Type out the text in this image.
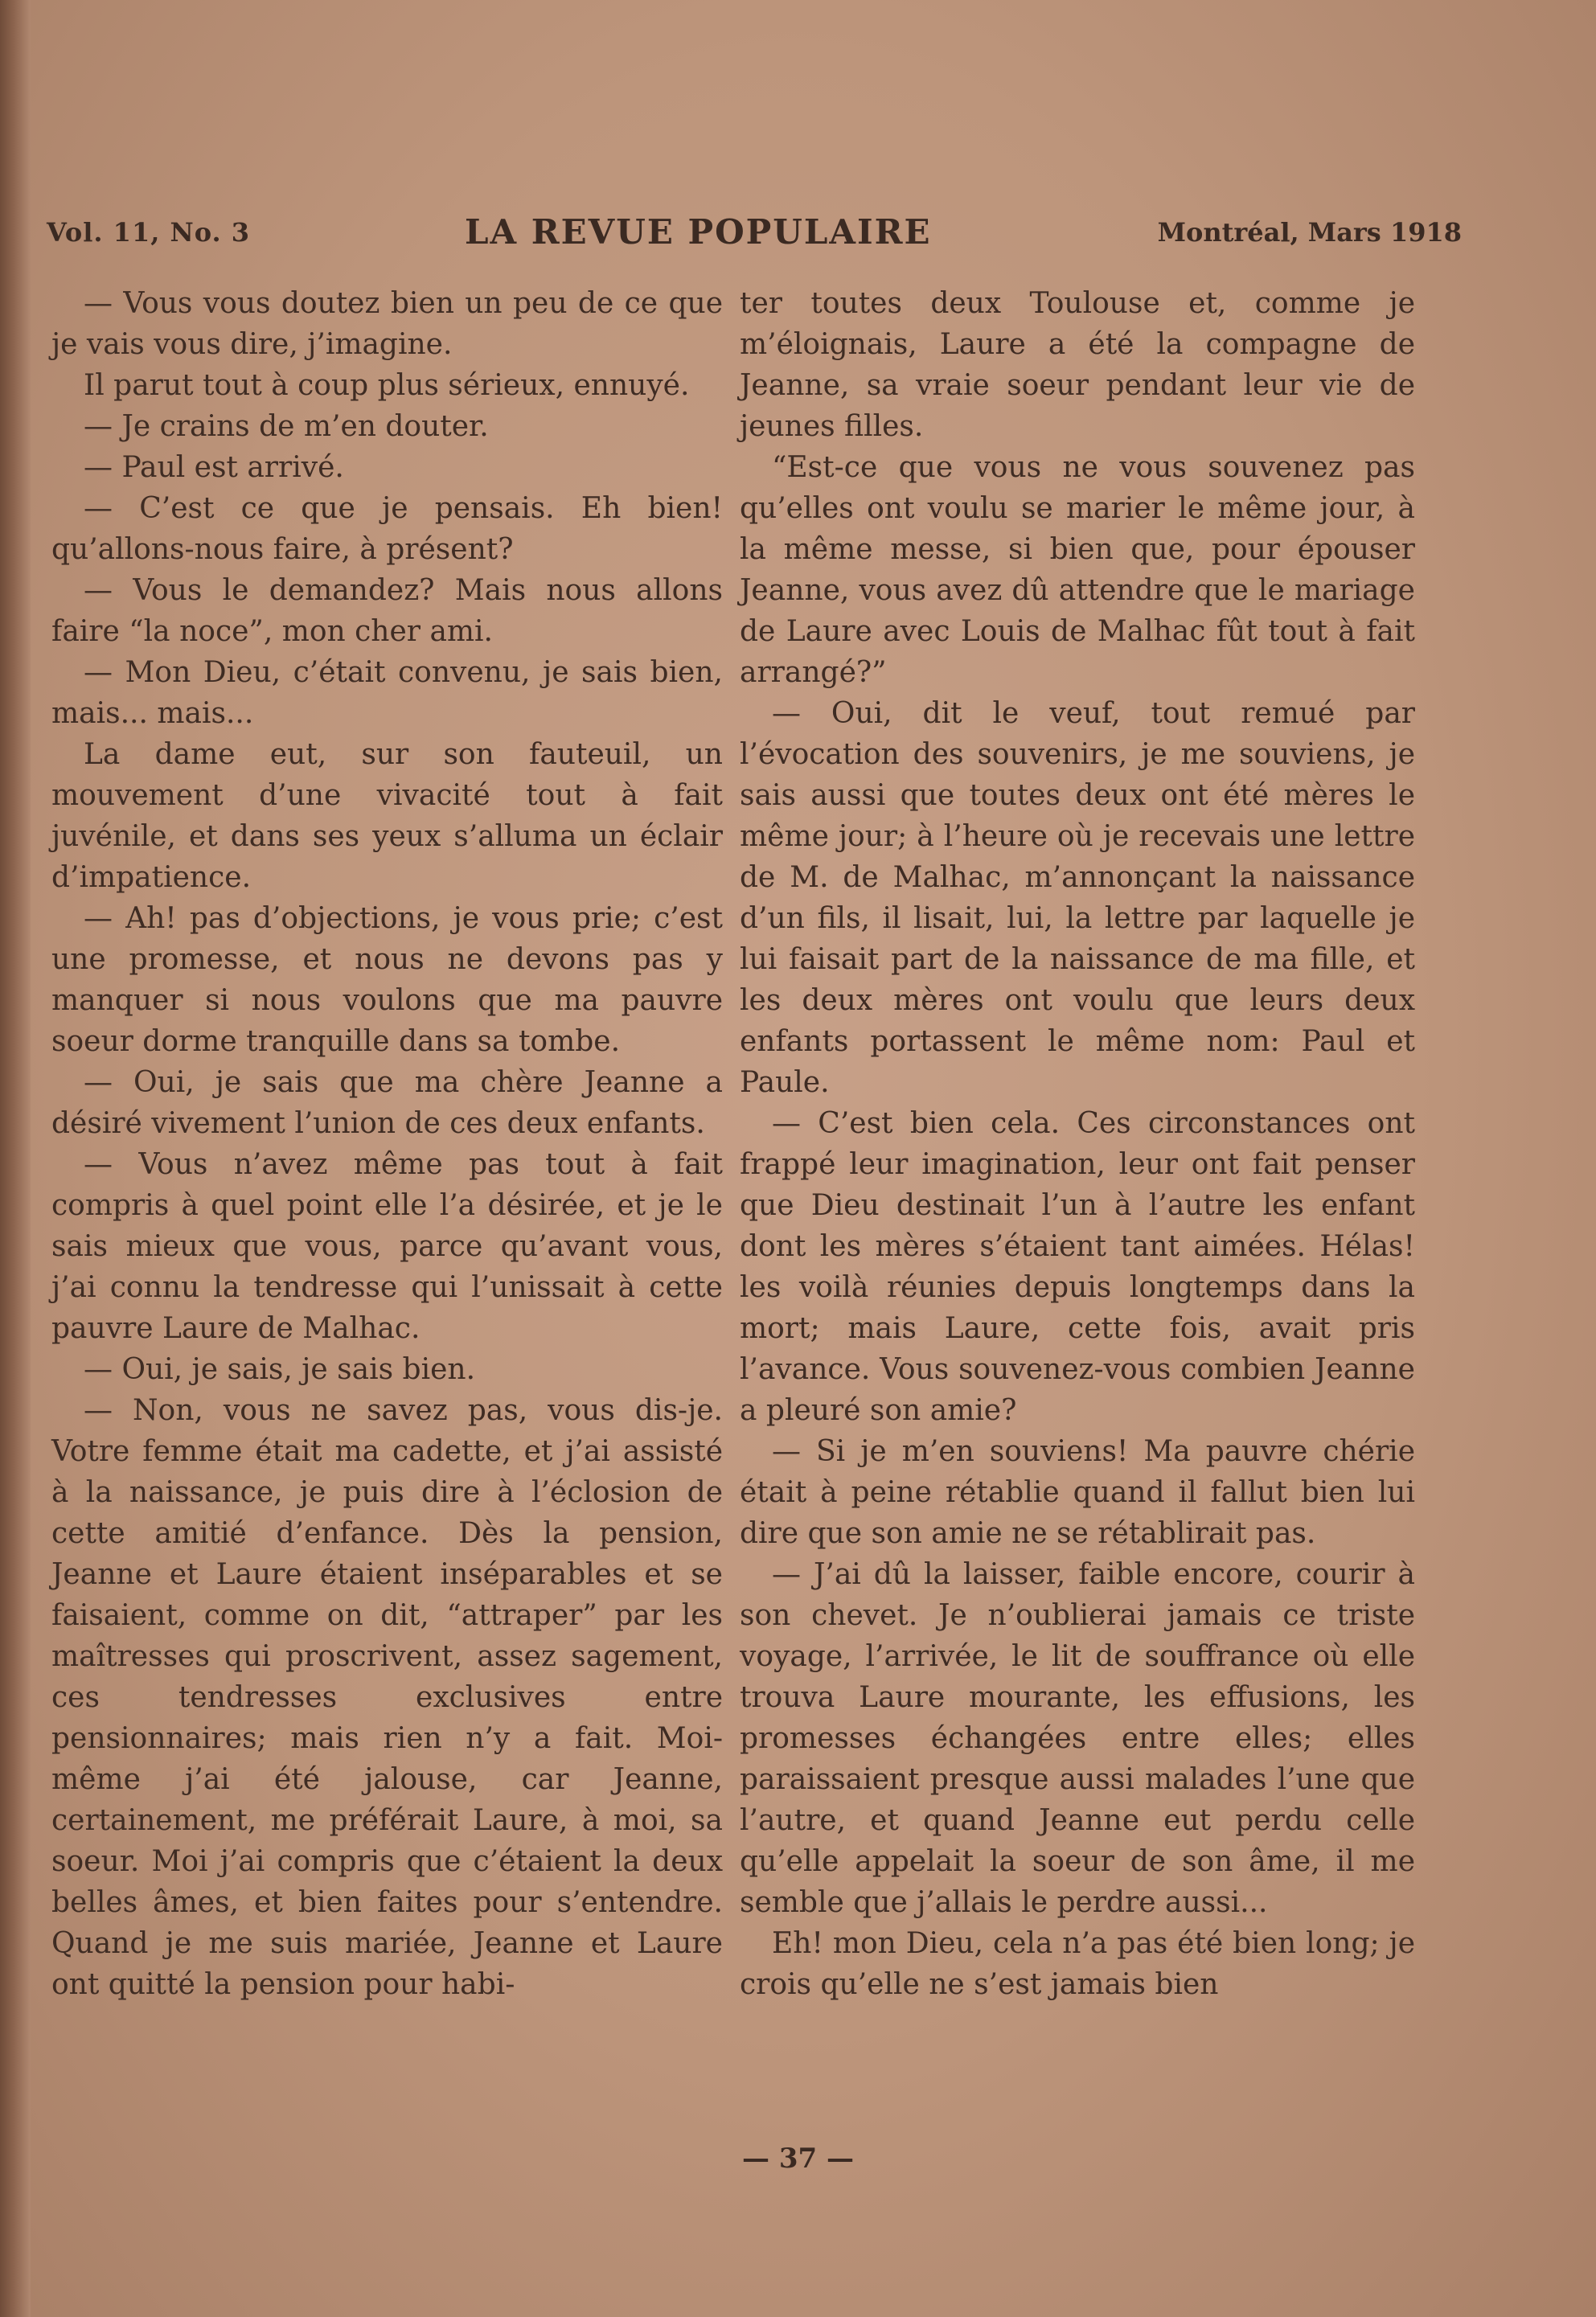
Vol. 11, No. 3	LA REVUE POPULAIRE	Montréal, Mars 1918

— Vous vous doutez bien un peu de ce que je vais vous dire, j’imagine.

Il parut tout à coup plus sérieux, ennuyé.

— Je crains de m’en douter.

— Paul est arrivé.

— C’est ce que je pensais. Eh bien! qu’allons-nous faire, à présent?

— Vous le demandez? Mais nous allons faire “la noce”, mon cher ami.

— Mon Dieu, c’était convenu, je sais bien, mais... mais...

La dame eut, sur son fauteuil, un mouvement d’une vivacité tout à fait juvénile, et dans ses yeux s’alluma un éclair d’impatience.

— Ah! pas d’objections, je vous prie; c’est une promesse, et nous ne devons pas y manquer si nous voulons que ma pauvre soeur dorme tranquille dans sa tombe.

— Oui, je sais que ma chère Jeanne a désiré vivement l’union de ces deux enfants.

— Vous n’avez même pas tout à fait compris à quel point elle l’a désirée, et je le sais mieux que vous, parce qu’avant vous, j’ai connu la tendresse qui l’unissait à cette pauvre Laure de Malhac.

— Oui, je sais, je sais bien.

— Non, vous ne savez pas, vous dis-je. Votre femme était ma cadette, et j’ai assisté à la naissance, je puis dire à l’éclosion de cette amitié d’enfance. Dès la pension, Jeanne et Laure étaient inséparables et se faisaient, comme on dit, “attraper” par les maîtresses qui proscrivent, assez sagement, ces tendresses exclusives entre pensionnaires; mais rien n’y a fait. Moi-même j’ai été jalouse, car Jeanne, certainement, me préférait Laure, à moi, sa soeur. Moi j’ai compris que c’étaient la deux belles âmes, et bien faites pour s’entendre. Quand je me suis mariée, Jeanne et Laure ont quitté la pension pour habi-

ter toutes deux Toulouse et, comme je m’éloignais, Laure a été la compagne de Jeanne, sa vraie soeur pendant leur vie de jeunes filles.

“Est-ce que vous ne vous souvenez pas qu’elles ont voulu se marier le même jour, à la même messe, si bien que, pour épouser Jeanne, vous avez dû attendre que le mariage de Laure avec Louis de Malhac fût tout à fait arrangé?”

— Oui, dit le veuf, tout remué par l’évocation des souvenirs, je me souviens, je sais aussi que toutes deux ont été mères le même jour; à l’heure où je recevais une lettre de M. de Malhac, m’annonçant la naissance d’un fils, il lisait, lui, la lettre par laquelle je lui faisait part de la naissance de ma fille, et les deux mères ont voulu que leurs deux enfants portassent le même nom: Paul et Paule.

— C’est bien cela. Ces circonstances ont frappé leur imagination, leur ont fait penser que Dieu destinait l’un à l’autre les enfant dont les mères s’étaient tant aimées. Hélas! les voilà réunies depuis longtemps dans la mort; mais Laure, cette fois, avait pris l’avance. Vous souvenez-vous combien Jeanne a pleuré son amie?

— Si je m’en souviens! Ma pauvre chérie était à peine rétablie quand il fallut bien lui dire que son amie ne se rétablirait pas.

— J’ai dû la laisser, faible encore, courir à son chevet. Je n’oublierai jamais ce triste voyage, l’arrivée, le lit de souffrance où elle trouva Laure mourante, les effusions, les promesses échangées entre elles; elles paraissaient presque aussi malades l’une que l’autre, et quand Jeanne eut perdu celle qu’elle appelait la soeur de son âme, il me semble que j’allais le perdre aussi...

Eh! mon Dieu, cela n’a pas été bien long; je crois qu’elle ne s’est jamais bien

— 37 —
